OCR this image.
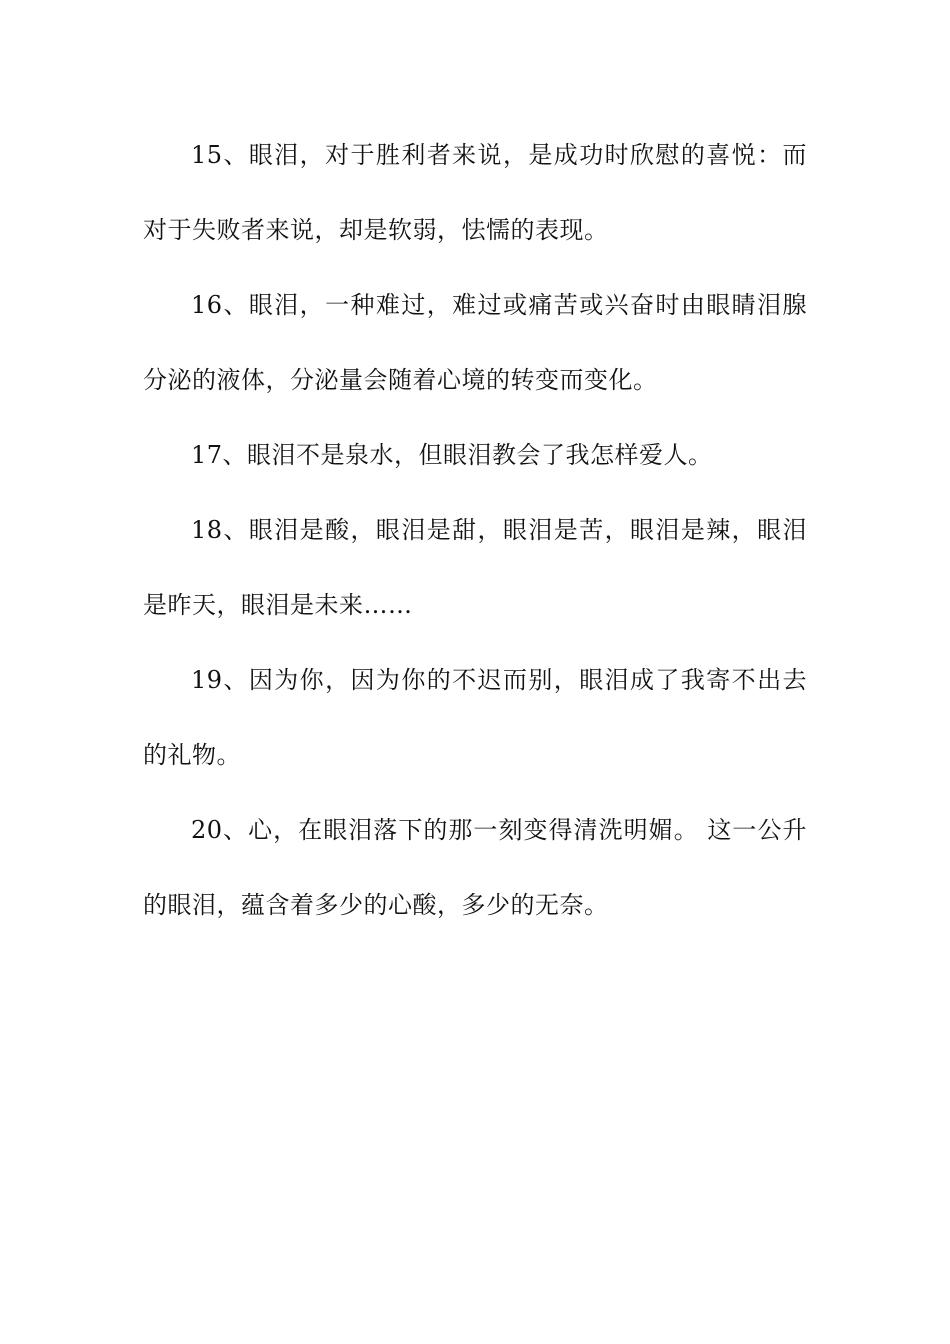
15、眼泪，对于胜利者来说，是成功时欣慰的喜悦：而对于失败者来说，却是软弱，怯懦的表现。

16、眼泪，一种难过，难过或痛苦或兴奋时由眼睛泪腺分泌的液体，分泌量会随着心境的转变而变化。

17、眼泪不是泉水，但眼泪教会了我怎样爱人。

18、眼泪是酸，眼泪是甜，眼泪是苦，眼泪是辣，眼泪是昨天，眼泪是未来……

19、因为你，因为你的不迟而别，眼泪成了我寄不出去的礼物。

20、心，在眼泪落下的那一刻变得清洗明媚。 这一公升的眼泪，蕴含着多少的心酸，多少的无奈。
